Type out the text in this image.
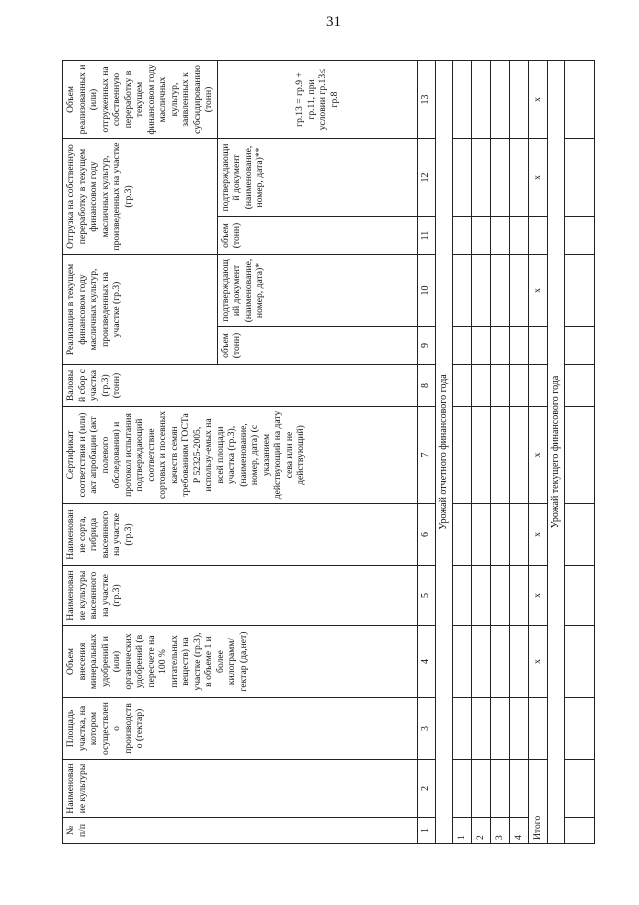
31
№ п/п	Наименование культуры	Площадь участка, на котором осуществлено производство (гектар)	Объем внесения минеральных удобрений и (или) органических удобрений (в пересчете на 100 % питательных веществ) на участке (гр.3), в объеме 1 и более килограмм/ гектар (да,нет)	Наименование культуры высеянного на участке (гр.3)	Наименование сорта, гибрида высеянного на участке (гр.3)	Сертификат соответствия и (или) акт апробации (акт полевого обследования) и протокол испытания подтверждающий соответствие сортовых и посевных качеств семян требованиям ГОСТа Р 52325-2005, использу-емых на всей площади участка (гр.3), (наименование, номер, дата) (с указанием действующий на дату сева или не действующий)	Валовый сбор с участка (гр.3) (тонн)	Реализация в текущем финансовом году масличных культур, произведенных на участке (гр.3)		Отгрузка на собственную переработку в текущем финансовом году масличных культур, произведенных на участке (гр.3)		Объем реализованных и (или) отгруженных на собственную переработку в текущем финансовом году масличных культур, заявленных к субсидированию (тонн)
								объем (тонн)	подтверждающий документ (наименование, номер, дата)*	объем (тонн)	подтверждающий документ (наименование, номер, дата)**	гр.13 = гр.9 + гр.11, при условии гр.13≤ гр.8
1	2	3	4	5	6	7	8	9	10	11	12	13
Урожай отчетного финансового года												
1												
2												
3												
4												
Итого			х	х	х	х			х		х	х
Урожай текущего финансового года												
